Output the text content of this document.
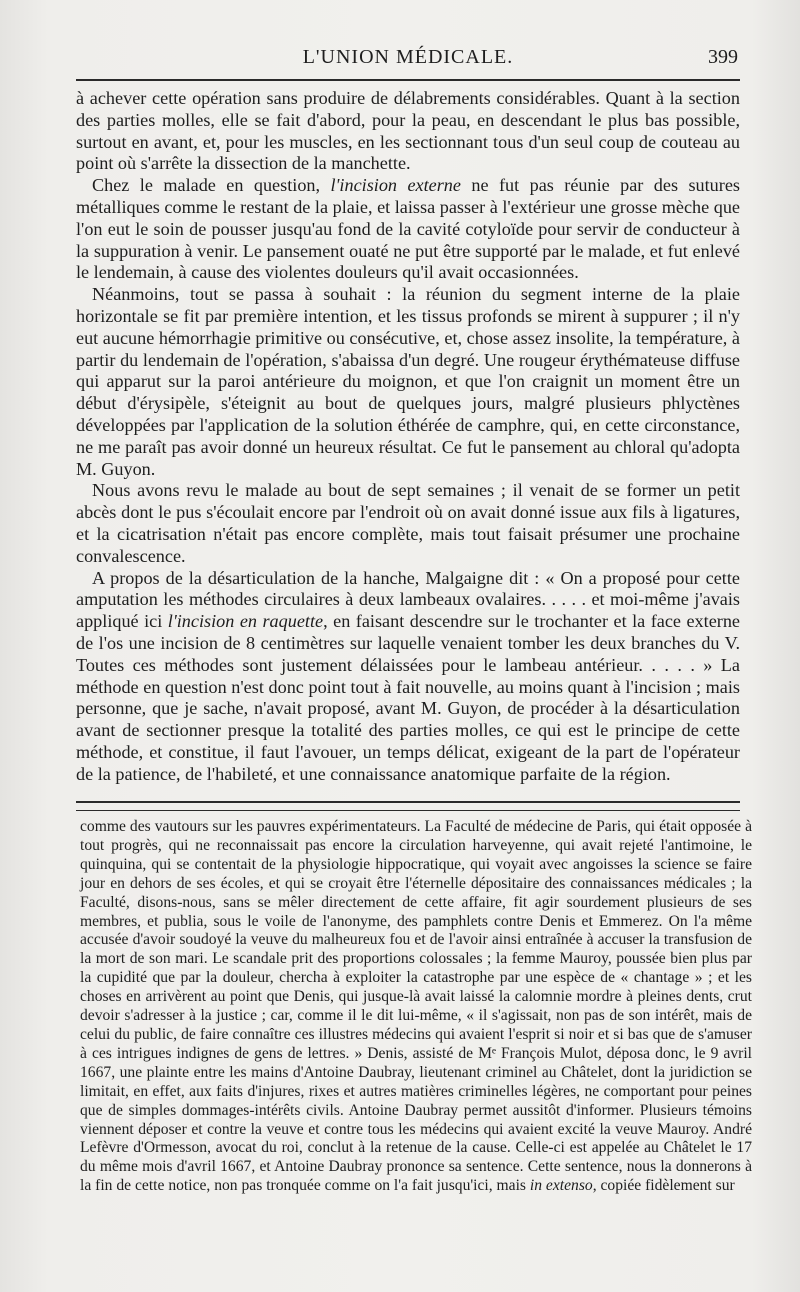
L'UNION MÉDICALE.	399

à achever cette opération sans produire de délabrements considérables. Quant à la section des parties molles, elle se fait d'abord, pour la peau, en descendant le plus bas possible, surtout en avant, et, pour les muscles, en les sectionnant tous d'un seul coup de couteau au point où s'arrête la dissection de la manchette.

Chez le malade en question, l'incision externe ne fut pas réunie par des sutures métalliques comme le restant de la plaie, et laissa passer à l'extérieur une grosse mèche que l'on eut le soin de pousser jusqu'au fond de la cavité cotyloïde pour servir de conducteur à la suppuration à venir. Le pansement ouaté ne put être supporté par le malade, et fut enlevé le lendemain, à cause des violentes douleurs qu'il avait occasionnées.

Néanmoins, tout se passa à souhait : la réunion du segment interne de la plaie horizontale se fit par première intention, et les tissus profonds se mirent à suppurer ; il n'y eut aucune hémorrhagie primitive ou consécutive, et, chose assez insolite, la température, à partir du lendemain de l'opération, s'abaissa d'un degré. Une rougeur érythémateuse diffuse qui apparut sur la paroi antérieure du moignon, et que l'on craignit un moment être un début d'érysipèle, s'éteignit au bout de quelques jours, malgré plusieurs phlyctènes développées par l'application de la solution éthérée de camphre, qui, en cette circonstance, ne me paraît pas avoir donné un heureux résultat. Ce fut le pansement au chloral qu'adopta M. Guyon.

Nous avons revu le malade au bout de sept semaines ; il venait de se former un petit abcès dont le pus s'écoulait encore par l'endroit où on avait donné issue aux fils à ligatures, et la cicatrisation n'était pas encore complète, mais tout faisait présumer une prochaine convalescence.

A propos de la désarticulation de la hanche, Malgaigne dit : « On a proposé pour cette amputation les méthodes circulaires à deux lambeaux ovalaires. . . . . et moi-même j'avais appliqué ici l'incision en raquette, en faisant descendre sur le trochanter et la face externe de l'os une incision de 8 centimètres sur laquelle venaient tomber les deux branches du V. Toutes ces méthodes sont justement délaissées pour le lambeau antérieur. . . . . » La méthode en question n'est donc point tout à fait nouvelle, au moins quant à l'incision ; mais personne, que je sache, n'avait proposé, avant M. Guyon, de procéder à la désarticulation avant de sectionner presque la totalité des parties molles, ce qui est le principe de cette méthode, et constitue, il faut l'avouer, un temps délicat, exigeant de la part de l'opérateur de la patience, de l'habileté, et une connaissance anatomique parfaite de la région.

comme des vautours sur les pauvres expérimentateurs. La Faculté de médecine de Paris, qui était opposée à tout progrès, qui ne reconnaissait pas encore la circulation harveyenne, qui avait rejeté l'antimoine, le quinquina, qui se contentait de la physiologie hippocratique, qui voyait avec angoisses la science se faire jour en dehors de ses écoles, et qui se croyait être l'éternelle dépositaire des connaissances médicales ; la Faculté, disons-nous, sans se mêler directement de cette affaire, fit agir sourdement plusieurs de ses membres, et publia, sous le voile de l'anonyme, des pamphlets contre Denis et Emmerez. On l'a même accusée d'avoir soudoyé la veuve du malheureux fou et de l'avoir ainsi entraînée à accuser la transfusion de la mort de son mari. Le scandale prit des proportions colossales ; la femme Mauroy, poussée bien plus par la cupidité que par la douleur, chercha à exploiter la catastrophe par une espèce de « chantage » ; et les choses en arrivèrent au point que Denis, qui jusque-là avait laissé la calomnie mordre à pleines dents, crut devoir s'adresser à la justice ; car, comme il le dit lui-même, « il s'agissait, non pas de son intérêt, mais de celui du public, de faire connaître ces illustres médecins qui avaient l'esprit si noir et si bas que de s'amuser à ces intrigues indignes de gens de lettres. » Denis, assisté de Mᵉ François Mulot, déposa donc, le 9 avril 1667, une plainte entre les mains d'Antoine Daubray, lieutenant criminel au Châtelet, dont la juridiction se limitait, en effet, aux faits d'injures, rixes et autres matières criminelles légères, ne comportant pour peines que de simples dommages-intérêts civils. Antoine Daubray permet aussitôt d'informer. Plusieurs témoins viennent déposer et contre la veuve et contre tous les médecins qui avaient excité la veuve Mauroy. André Lefèvre d'Ormesson, avocat du roi, conclut à la retenue de la cause. Celle-ci est appelée au Châtelet le 17 du même mois d'avril 1667, et Antoine Daubray prononce sa sentence. Cette sentence, nous la donnerons à la fin de cette notice, non pas tronquée comme on l'a fait jusqu'ici, mais in extenso, copiée fidèlement sur
